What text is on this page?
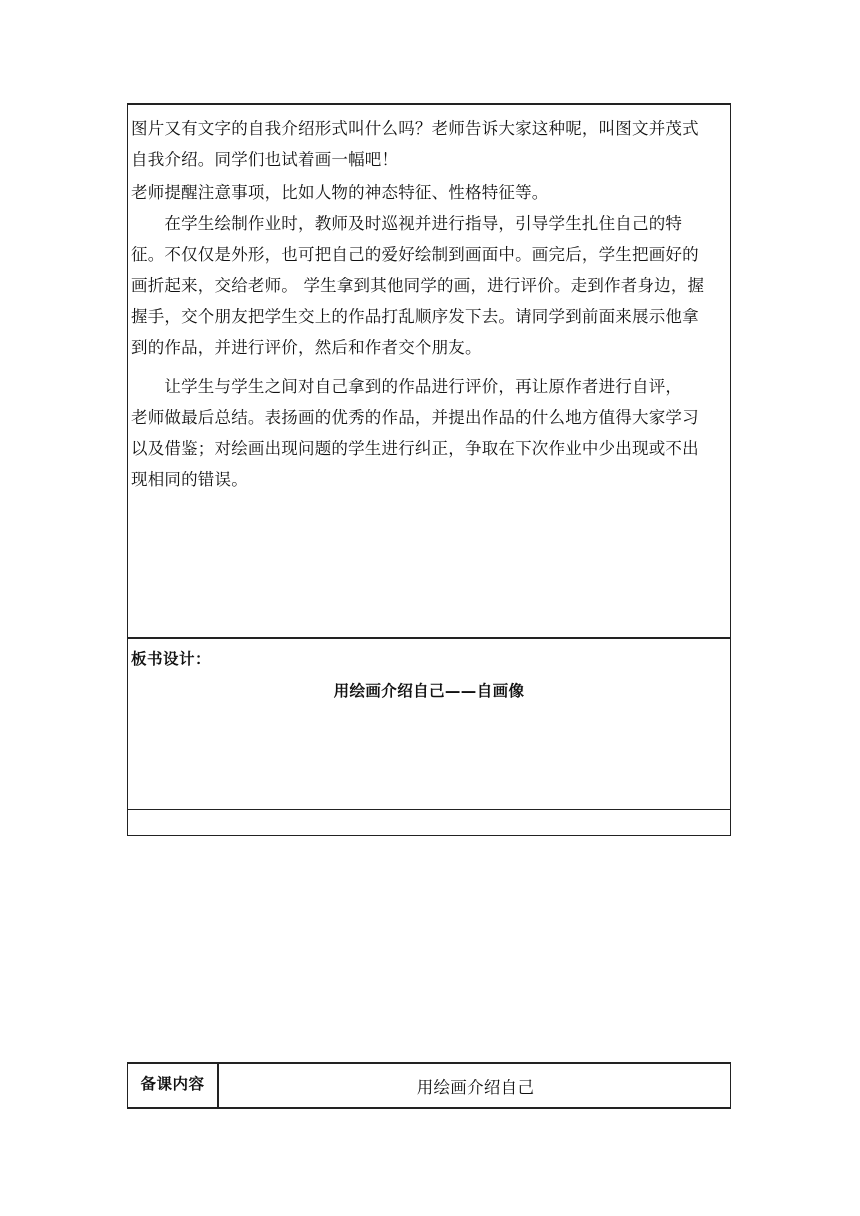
图片又有文字的自我介绍形式叫什么吗？老师告诉大家这种呢，叫图文并茂式

自我介绍。同学们也试着画一幅吧！

老师提醒注意事项，比如人物的神态特征、性格特征等。

　　在学生绘制作业时，教师及时巡视并进行指导，引导学生扎住自己的特

征。不仅仅是外形，也可把自己的爱好绘制到画面中。画完后，学生把画好的

画折起来，交给老师。 学生拿到其他同学的画，进行评价。走到作者身边，握

握手，交个朋友把学生交上的作品打乱顺序发下去。请同学到前面来展示他拿

到的作品，并进行评价，然后和作者交个朋友。

　　让学生与学生之间对自己拿到的作品进行评价，再让原作者进行自评，

老师做最后总结。表扬画的优秀的作品，并提出作品的什么地方值得大家学习

以及借鉴；对绘画出现问题的学生进行纠正，争取在下次作业中少出现或不出

现相同的错误。

板书设计：
用绘画介绍自己——自画像
备课内容	用绘画介绍自己
